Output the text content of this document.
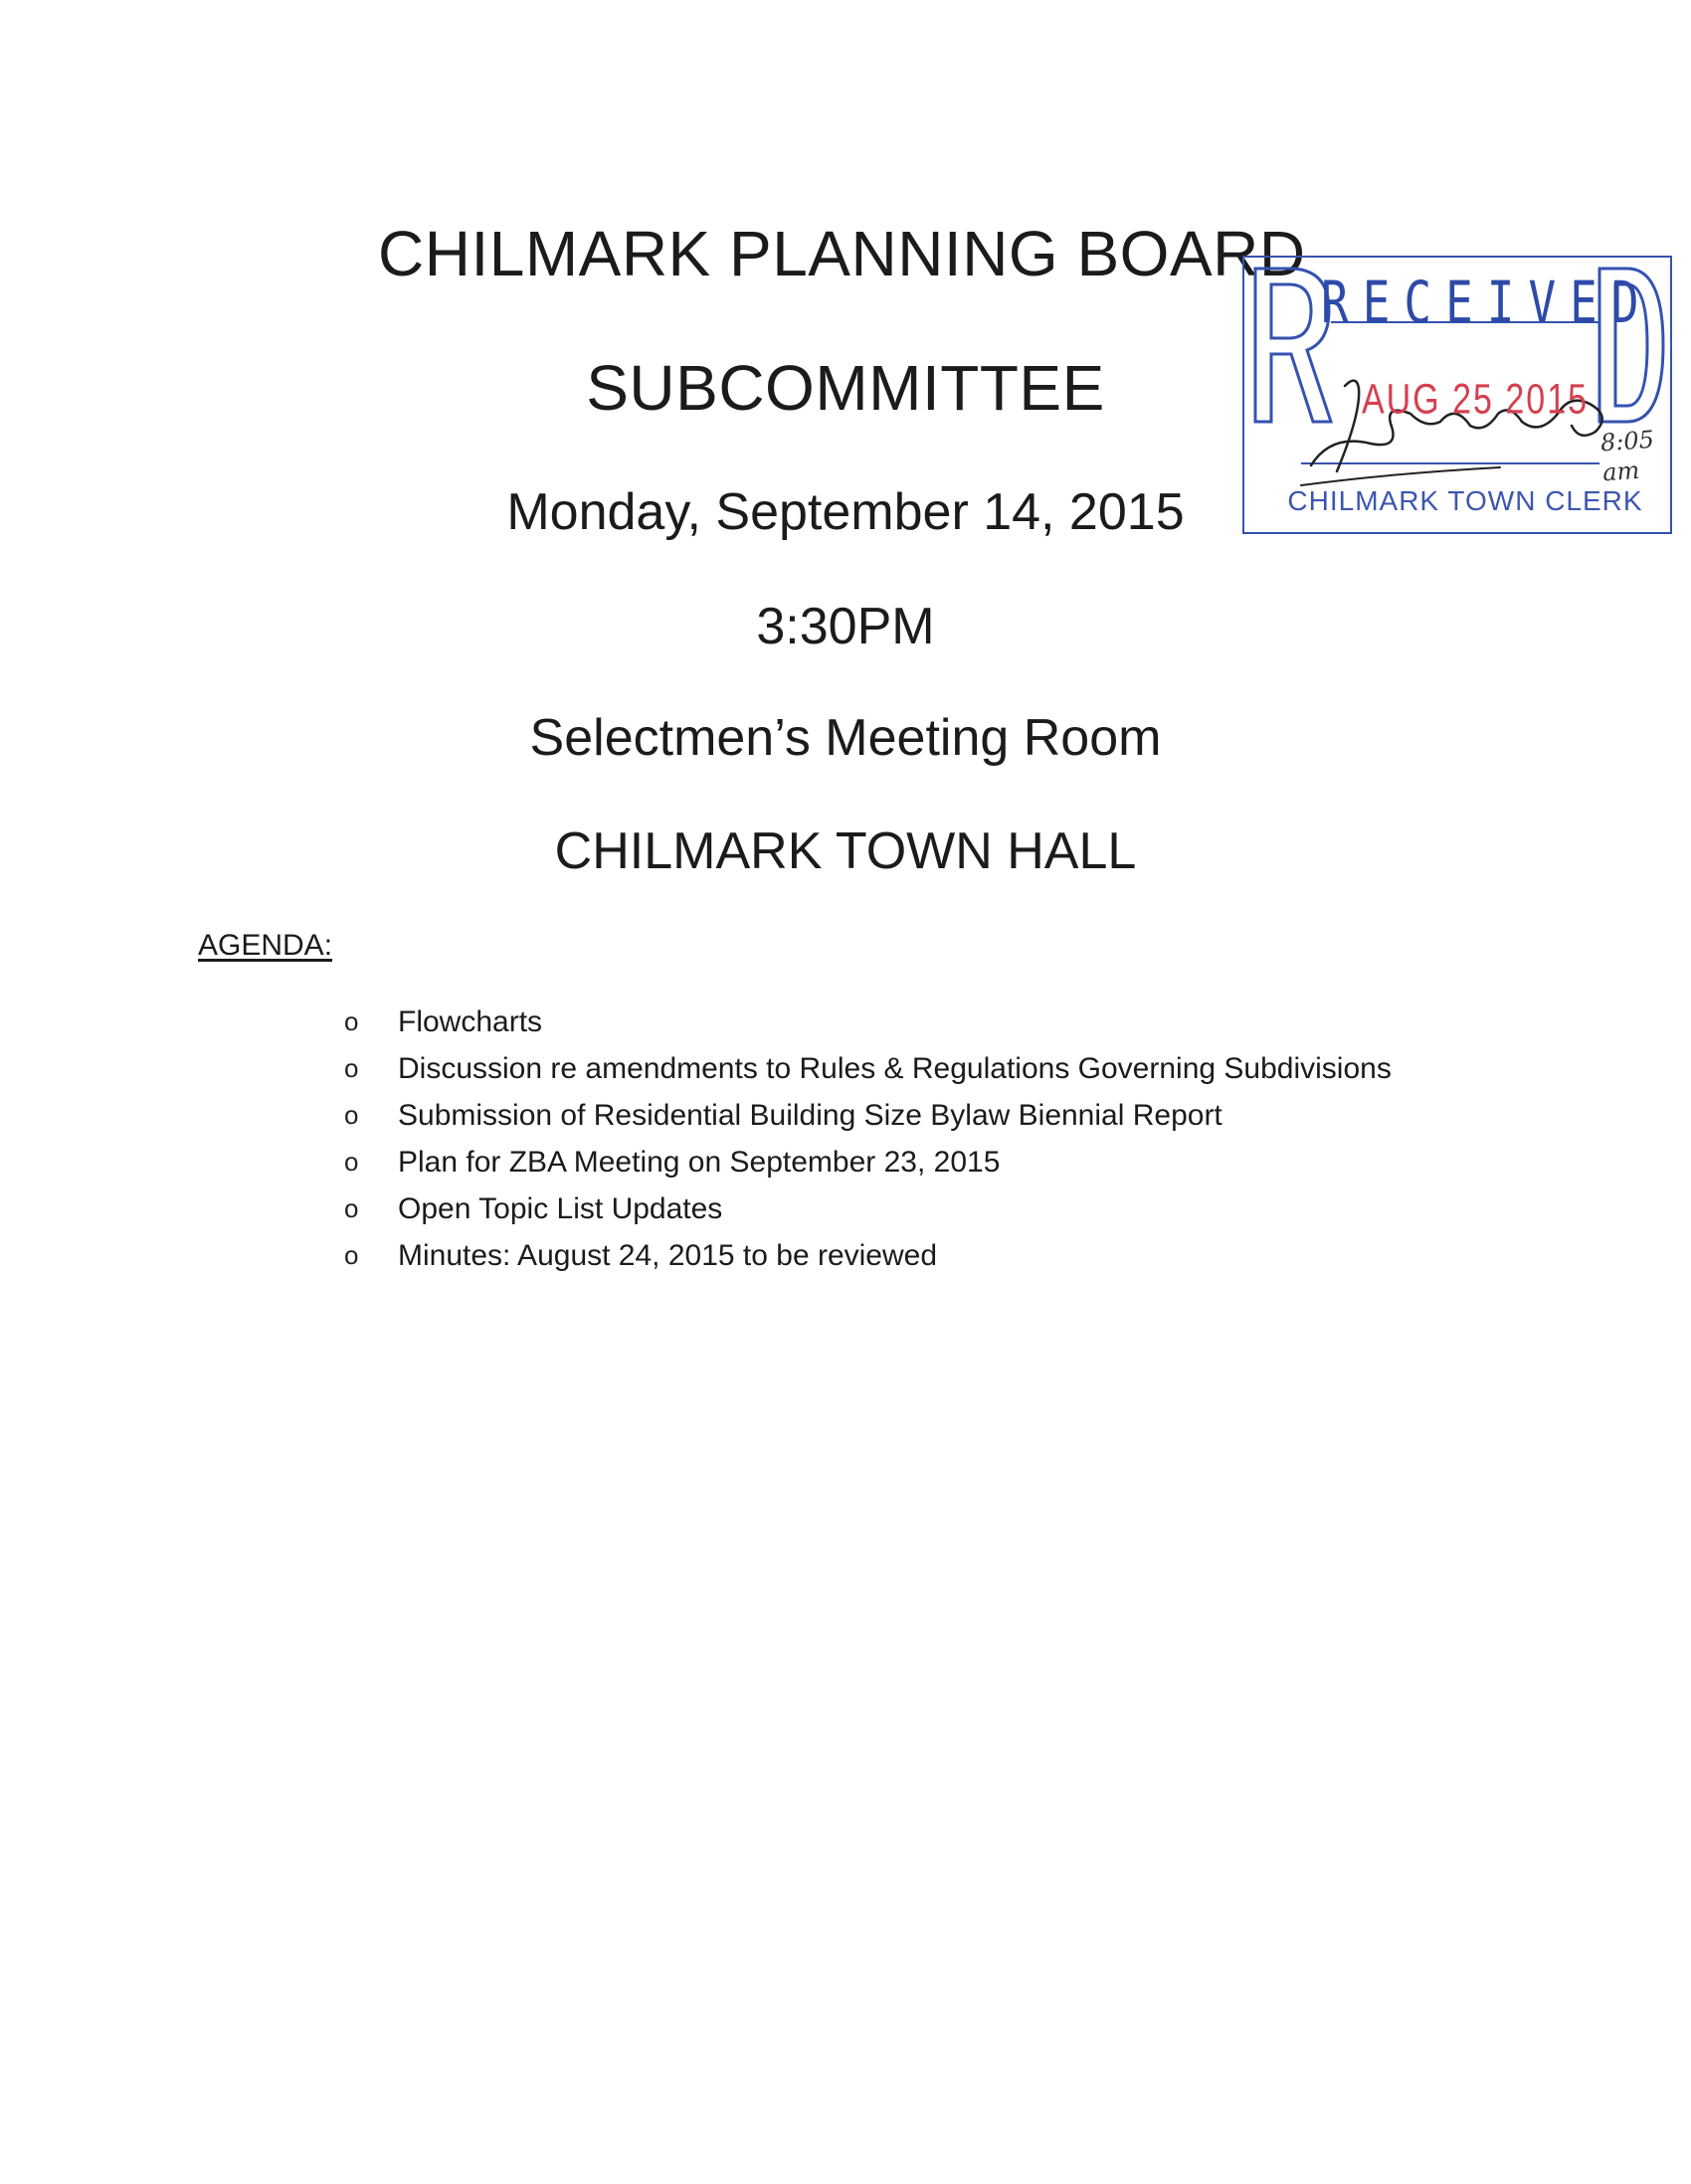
CHILMARK PLANNING BOARD
SUBCOMMITTEE
Monday, September 14, 2015
3:30PM
Selectmen’s Meeting Room
CHILMARK TOWN HALL
AGENDA:
o Flowcharts
o Discussion re amendments to Rules & Regulations Governing Subdivisions
o Submission of Residential Building Size Bylaw Biennial Report
o Plan for ZBA Meeting on September 23, 2015
o Open Topic List Updates
o Minutes: August 24, 2015 to be reviewed
RECEIVED
AUG 25 2015
CHILMARK TOWN CLERK
8:05 am
